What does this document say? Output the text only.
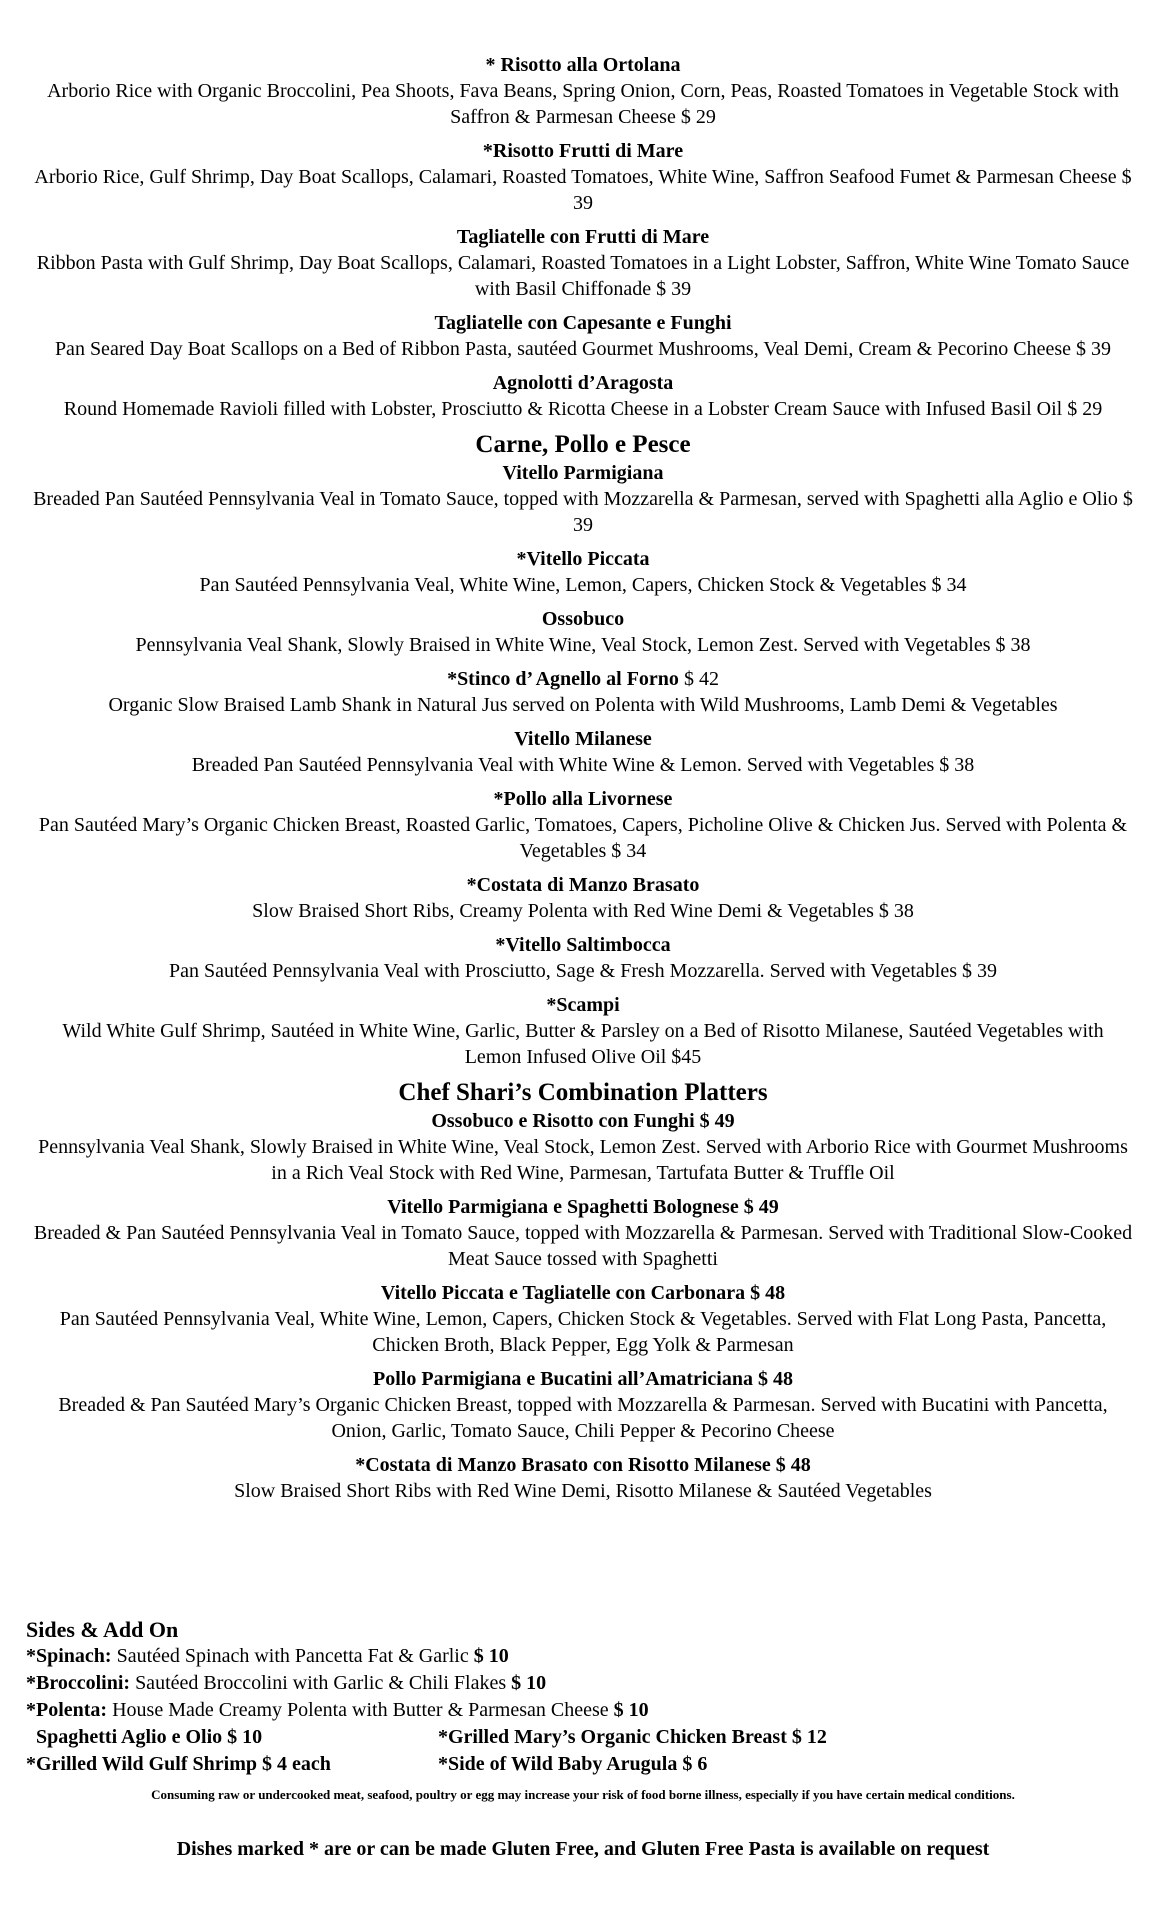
* Risotto alla Ortolana
Arborio Rice with Organic Broccolini, Pea Shoots, Fava Beans, Spring Onion, Corn, Peas, Roasted Tomatoes in Vegetable Stock with Saffron & Parmesan Cheese $ 29
*Risotto Frutti di Mare
Arborio Rice, Gulf Shrimp, Day Boat Scallops, Calamari, Roasted Tomatoes, White Wine, Saffron Seafood Fumet & Parmesan Cheese $ 39
Tagliatelle con Frutti di Mare
Ribbon Pasta with Gulf Shrimp, Day Boat Scallops, Calamari, Roasted Tomatoes in a Light Lobster, Saffron, White Wine Tomato Sauce with Basil Chiffonade $ 39
Tagliatelle con Capesante e Funghi
Pan Seared Day Boat Scallops on a Bed of Ribbon Pasta, sautéed Gourmet Mushrooms, Veal Demi, Cream & Pecorino Cheese $ 39
Agnolotti d’Aragosta
Round Homemade Ravioli filled with Lobster, Prosciutto & Ricotta Cheese in a Lobster Cream Sauce with Infused Basil Oil $ 29
Carne, Pollo e Pesce
Vitello Parmigiana
Breaded Pan Sautéed Pennsylvania Veal in Tomato Sauce, topped with Mozzarella & Parmesan, served with Spaghetti alla Aglio e Olio $ 39
*Vitello Piccata
Pan Sautéed Pennsylvania Veal, White Wine, Lemon, Capers, Chicken Stock & Vegetables $ 34
Ossobuco
Pennsylvania Veal Shank, Slowly Braised in White Wine, Veal Stock, Lemon Zest. Served with Vegetables $ 38
*Stinco d’ Agnello al Forno $ 42
Organic Slow Braised Lamb Shank in Natural Jus served on Polenta with Wild Mushrooms, Lamb Demi & Vegetables
Vitello Milanese
Breaded Pan Sautéed Pennsylvania Veal with White Wine & Lemon. Served with Vegetables $ 38
*Pollo alla Livornese
Pan Sautéed Mary’s Organic Chicken Breast, Roasted Garlic, Tomatoes, Capers, Picholine Olive & Chicken Jus. Served with Polenta & Vegetables $ 34
*Costata di Manzo Brasato
Slow Braised Short Ribs, Creamy Polenta with Red Wine Demi & Vegetables $ 38
*Vitello Saltimbocca
Pan Sautéed Pennsylvania Veal with Prosciutto, Sage & Fresh Mozzarella. Served with Vegetables $ 39
*Scampi
Wild White Gulf Shrimp, Sautéed in White Wine, Garlic, Butter & Parsley on a Bed of Risotto Milanese, Sautéed Vegetables with Lemon Infused Olive Oil $45
Chef Shari’s Combination Platters
Ossobuco e Risotto con Funghi $ 49
Pennsylvania Veal Shank, Slowly Braised in White Wine, Veal Stock, Lemon Zest. Served with Arborio Rice with Gourmet Mushrooms in a Rich Veal Stock with Red Wine, Parmesan, Tartufata Butter & Truffle Oil
Vitello Parmigiana e Spaghetti Bolognese $ 49
Breaded & Pan Sautéed Pennsylvania Veal in Tomato Sauce, topped with Mozzarella & Parmesan. Served with Traditional Slow-Cooked Meat Sauce tossed with Spaghetti
Vitello Piccata e Tagliatelle con Carbonara $ 48
Pan Sautéed Pennsylvania Veal, White Wine, Lemon, Capers, Chicken Stock & Vegetables. Served with Flat Long Pasta, Pancetta, Chicken Broth, Black Pepper, Egg Yolk & Parmesan
Pollo Parmigiana e Bucatini all’Amatriciana $ 48
Breaded & Pan Sautéed Mary’s Organic Chicken Breast, topped with Mozzarella & Parmesan. Served with Bucatini with Pancetta, Onion, Garlic, Tomato Sauce, Chili Pepper & Pecorino Cheese
*Costata di Manzo Brasato con Risotto Milanese $ 48
Slow Braised Short Ribs with Red Wine Demi, Risotto Milanese & Sautéed Vegetables
Sides & Add On
*Spinach: Sautéed Spinach with Pancetta Fat & Garlic $ 10
*Broccolini: Sautéed Broccolini with Garlic & Chili Flakes $ 10
*Polenta: House Made Creamy Polenta with Butter & Parmesan Cheese $ 10
Spaghetti Aglio e Olio $ 10	*Grilled Mary’s Organic Chicken Breast $ 12
*Grilled Wild Gulf Shrimp $ 4 each	*Side of Wild Baby Arugula $ 6
Consuming raw or undercooked meat, seafood, poultry or egg may increase your risk of food borne illness, especially if you have certain medical conditions.
Dishes marked * are or can be made Gluten Free, and Gluten Free Pasta is available on request
